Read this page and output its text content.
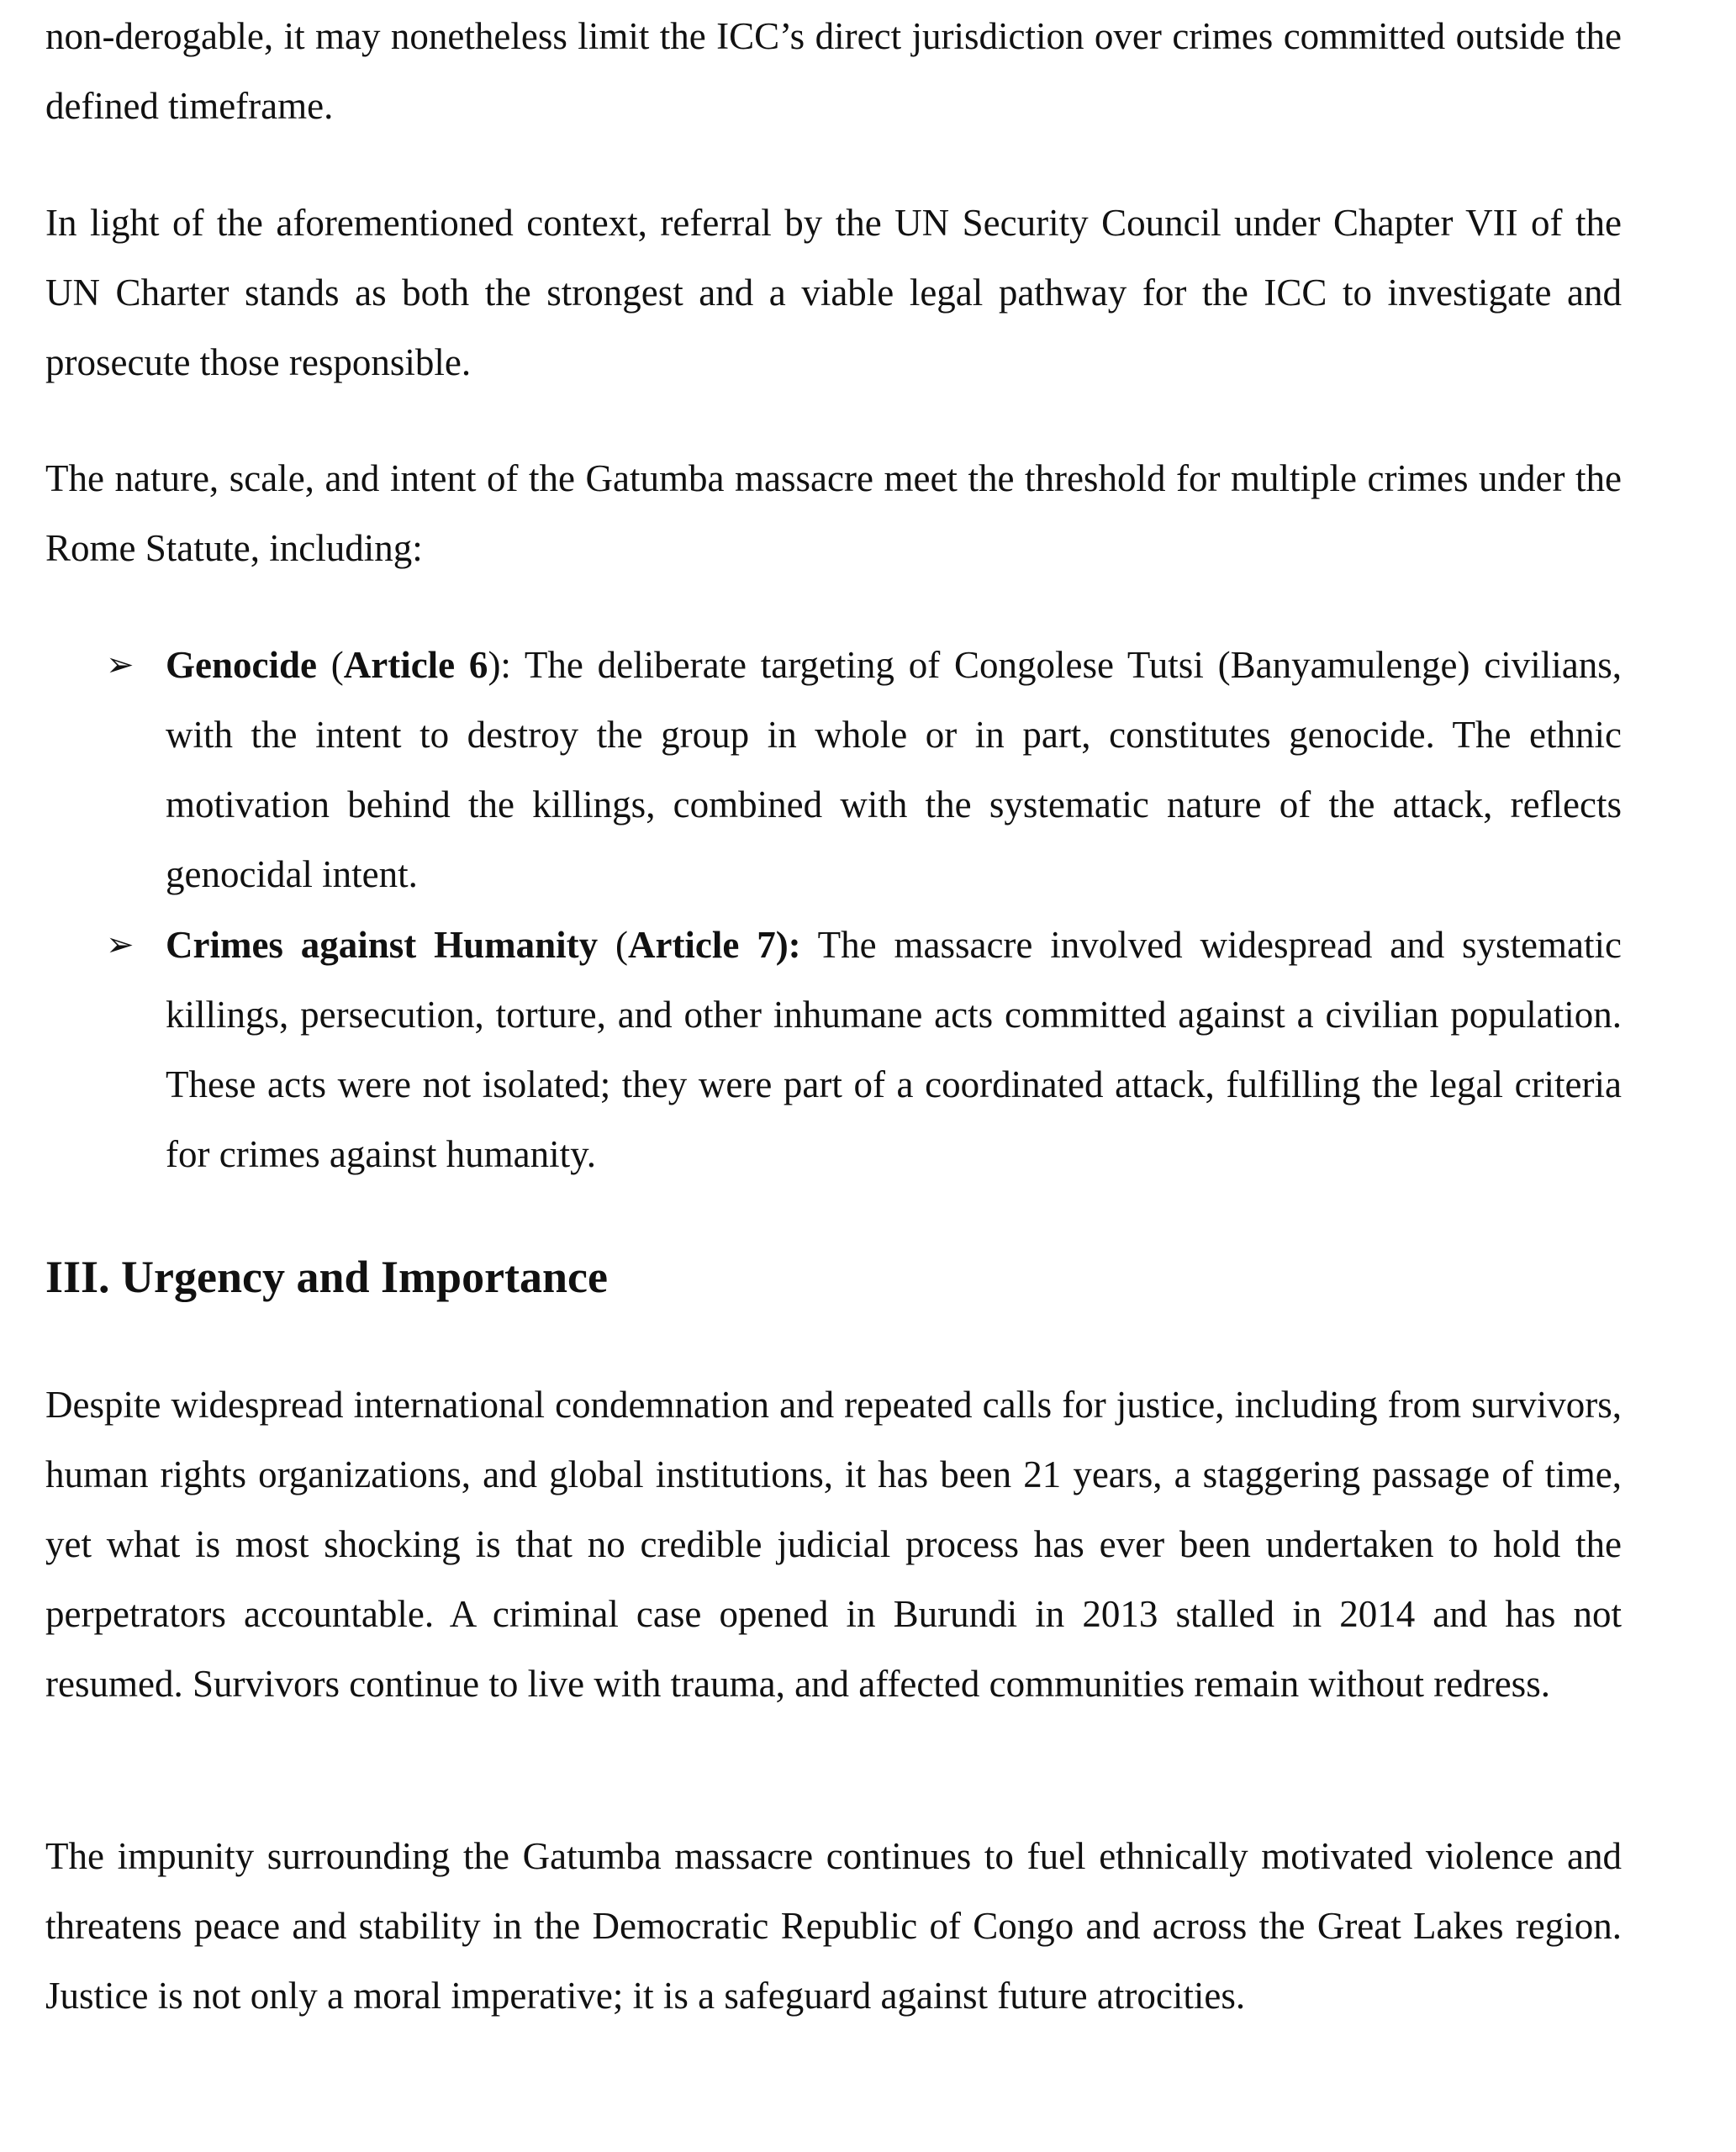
non-derogable, it may nonetheless limit the ICC’s direct jurisdiction over crimes committed outside the defined timeframe.

In light of the aforementioned context, referral by the UN Security Council under Chapter VII of the UN Charter stands as both the strongest and a viable legal pathway for the ICC to investigate and prosecute those responsible.

The nature, scale, and intent of the Gatumba massacre meet the threshold for multiple crimes under the Rome Statute, including:

➢ Genocide (Article 6): The deliberate targeting of Congolese Tutsi (Banyamulenge) civilians, with the intent to destroy the group in whole or in part, constitutes genocide. The ethnic motivation behind the killings, combined with the systematic nature of the attack, reflects genocidal intent.

➢ Crimes against Humanity (Article 7): The massacre involved widespread and systematic killings, persecution, torture, and other inhumane acts committed against a civilian population. These acts were not isolated; they were part of a coordinated attack, fulfilling the legal criteria for crimes against humanity.

III. Urgency and Importance

Despite widespread international condemnation and repeated calls for justice, including from survivors, human rights organizations, and global institutions, it has been 21 years, a staggering passage of time, yet what is most shocking is that no credible judicial process has ever been undertaken to hold the perpetrators accountable. A criminal case opened in Burundi in 2013 stalled in 2014 and has not resumed. Survivors continue to live with trauma, and affected communities remain without redress.

The impunity surrounding the Gatumba massacre continues to fuel ethnically motivated violence and threatens peace and stability in the Democratic Republic of Congo and across the Great Lakes region. Justice is not only a moral imperative; it is a safeguard against future atrocities.
